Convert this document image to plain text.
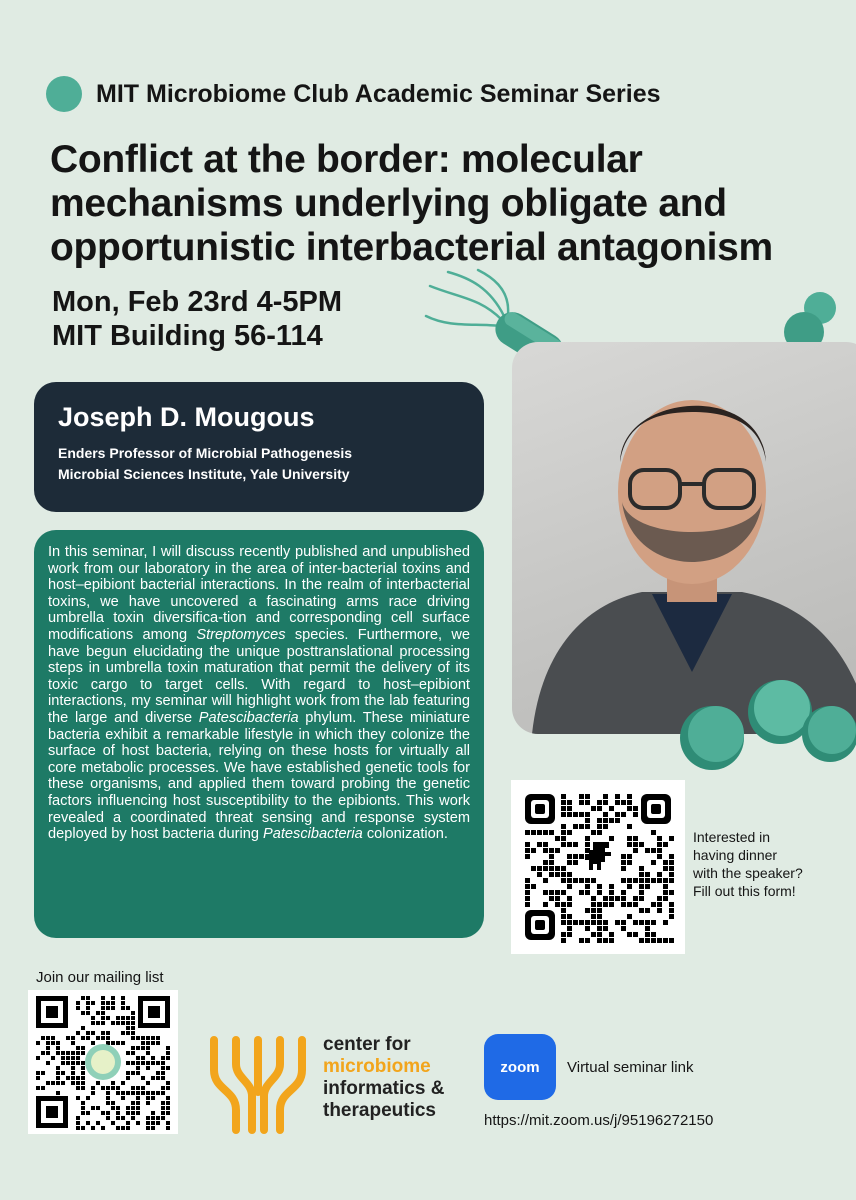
MIT Microbiome Club Academic Seminar Series
Conflict at the border: molecular mechanisms underlying obligate and opportunistic interbacterial antagonism
Mon, Feb 23rd 4-5PM
MIT Building 56-114
Joseph D. Mougous
Enders Professor of Microbial Pathogenesis
Microbial Sciences Institute, Yale University
In this seminar, I will discuss recently published and unpublished work from our laboratory in the area of inter-bacterial toxins and host–epibiont bacterial interactions. In the realm of interbacterial toxins, we have uncovered a fascinating arms race driving umbrella toxin diversifica-tion and corresponding cell surface modifications among Streptomyces species. Furthermore, we have begun elucidating the unique posttranslational processing steps in umbrella toxin maturation that permit the delivery of its toxic cargo to target cells. With regard to host–epibiont interactions, my seminar will highlight work from the lab featuring the large and diverse Patescibacteria phylum. These miniature bacteria exhibit a remarkable lifestyle in which they colonize the surface of host bacteria, relying on these hosts for virtually all core metabolic processes. We have established genetic tools for these organisms, and applied them toward probing the genetic factors influencing host susceptibility to the epibionts. This work revealed a coordinated threat sensing and response system deployed by host bacteria during Patescibacteria colonization.	Interested in
having dinner
with the speaker?
Fill out this form!
Join our mailing list
center for
microbiome
informatics &
therapeutics
zoom	Virtual seminar link
https://mit.zoom.us/j/95196272150
